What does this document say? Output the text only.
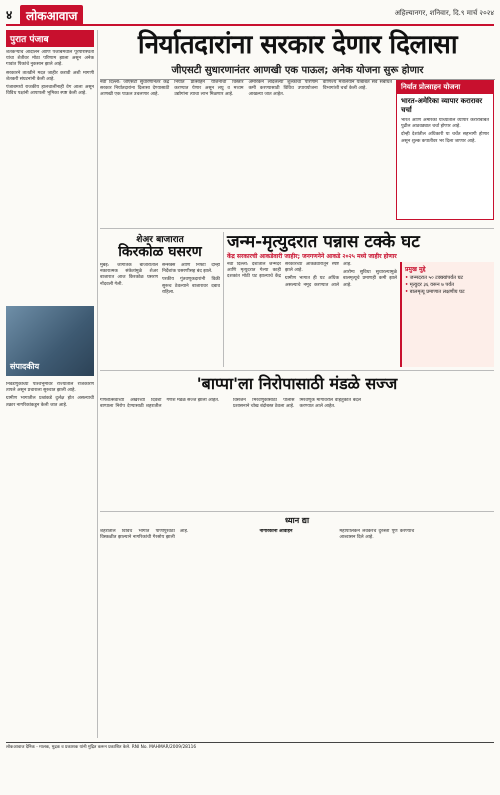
४	लोकआवाज	अहिल्यानगर, शनिवार, दि.९ मार्च २०२४
पुरात पंजाब

शेतकऱ्यांचे आंदोलन आणि पंजाबमधील पूरपरिस्थिती यांचा शेतीवर मोठा परिणाम झाला असून अनेक गावांत पिकांचे नुकसान झाले आहे.

सरकारने तातडीने मदत जाहीर करावी अशी मागणी शेतकरी संघटनांनी केली आहे.

पंजाबमध्ये राजकीय हालचालींनाही वेग आला असून विविध पक्षांनी आपापली भूमिका स्पष्ट केली आहे.

संपादकीय

निवडणुकीच्या पार्श्वभूमीवर राज्यातील राजकारण तापले असून प्रचाराला सुरुवात झाली आहे.

ग्रामीण भागातील प्रश्नांकडे दुर्लक्ष होत असल्याची तक्रार नागरिकांकडून केली जात आहे.

निर्यातदारांना सरकार देणार दिलासा
जीएसटी सुधारणानंतर आणखी एक पाऊल; अनेक योजना सुरू होणार

नवी दिल्ली: जीएसटी सुधारणांनंतर केंद्र सरकार निर्यातदारांना दिलासा देण्यासाठी आणखी एक पाऊल उचलणार आहे.

निर्यात प्रोत्साहन योजनांचा विस्तार करण्यात येणार असून लघु व मध्यम उद्योगांना त्याचा लाभ मिळणार आहे.

अमेरिकेने लादलेल्या शुल्कांचा परिणाम कमी करण्यासाठी विविध उपाययोजना आखल्या जात आहेत.

वाणिज्य मंत्रालयाने याबाबत सर्व संबंधित विभागांशी चर्चा केली आहे.	निर्यात प्रोत्साहन योजना
भारत-अमेरिका व्यापार करारावर चर्चा

भारत आणि अमेरिका यांच्यातील व्यापार कराराबाबत पुढील आठवड्यात चर्चा होणार आहे.

दोन्ही देशांतील अधिकारी या चर्चेत सहभागी होणार असून शुल्क कपातीवर भर दिला जाणार आहे.

शेअर बाजारात
किरकोळ घसरण

मुंबई: जागतिक बाजारातील नकारात्मक संकेतांमुळे शेअर बाजारात आज किरकोळ घसरण नोंदवली गेली.

सेन्सेक्स आणि निफ्टी दोन्ही निर्देशांक घसरणीसह बंद झाले.

परकीय गुंतवणूकदारांनी विक्री सुरूच ठेवल्याने बाजारावर दबाव राहिला.

जन्म-मृत्युदरात पन्नास टक्के घट
केंद्र सरकारची आकडेवारी जाहीर; जनगणनेने आकडे २०२५ मध्ये जाहीर होणार

नवी दिल्ली: देशातील जन्मदर आणि मृत्युदरात गेल्या काही दशकांत मोठी घट झाल्याचे केंद्र सरकारच्या आकडेवारीतून स्पष्ट झाले आहे.

ग्रामीण भागात ही घट अधिक असल्याचे नमूद करण्यात आले आहे.

आरोग्य सुविधा सुधारल्यामुळे बालमृत्यूचे प्रमाणही कमी झाले आहे.

प्रमुख मुद्दे
• जन्मदरात ५० टक्क्यांपर्यंत घट
• मृत्युदर ३६ वरून ७ पर्यंत
• बालमृत्यू प्रमाणात लक्षणीय घट
'बाप्पा'ला निरोपासाठी मंडळे सज्ज

गणेशोत्सवाच्या अखेरच्या दिवशी बाप्पाला निरोप देण्यासाठी शहरातील गणेश मंडळे सज्ज झाली आहेत.	विसर्जन मिरवणुकीसाठी पोलीस प्रशासनाने चोख बंदोबस्त ठेवला आहे.

मिरवणूक मार्गावरील वाहतुकीत बदल करण्यात आले आहेत.

ध्यान द्या

शहरातील विविध भागांत पाणीपुरवठा विस्कळीत झाल्याने नागरिकांची गैरसोय झाली आहे.	नागरिकांना आवाहन	महापालिकेने लवकरच दुरुस्ती पूर्ण करण्याचे आश्वासन दिले आहे.

लोकआवाज दैनिक - मालक, मुद्रक व प्रकाशक यांनी मुद्रित करून प्रकाशित केले. RNI No. MAHMAR/2009/28116
